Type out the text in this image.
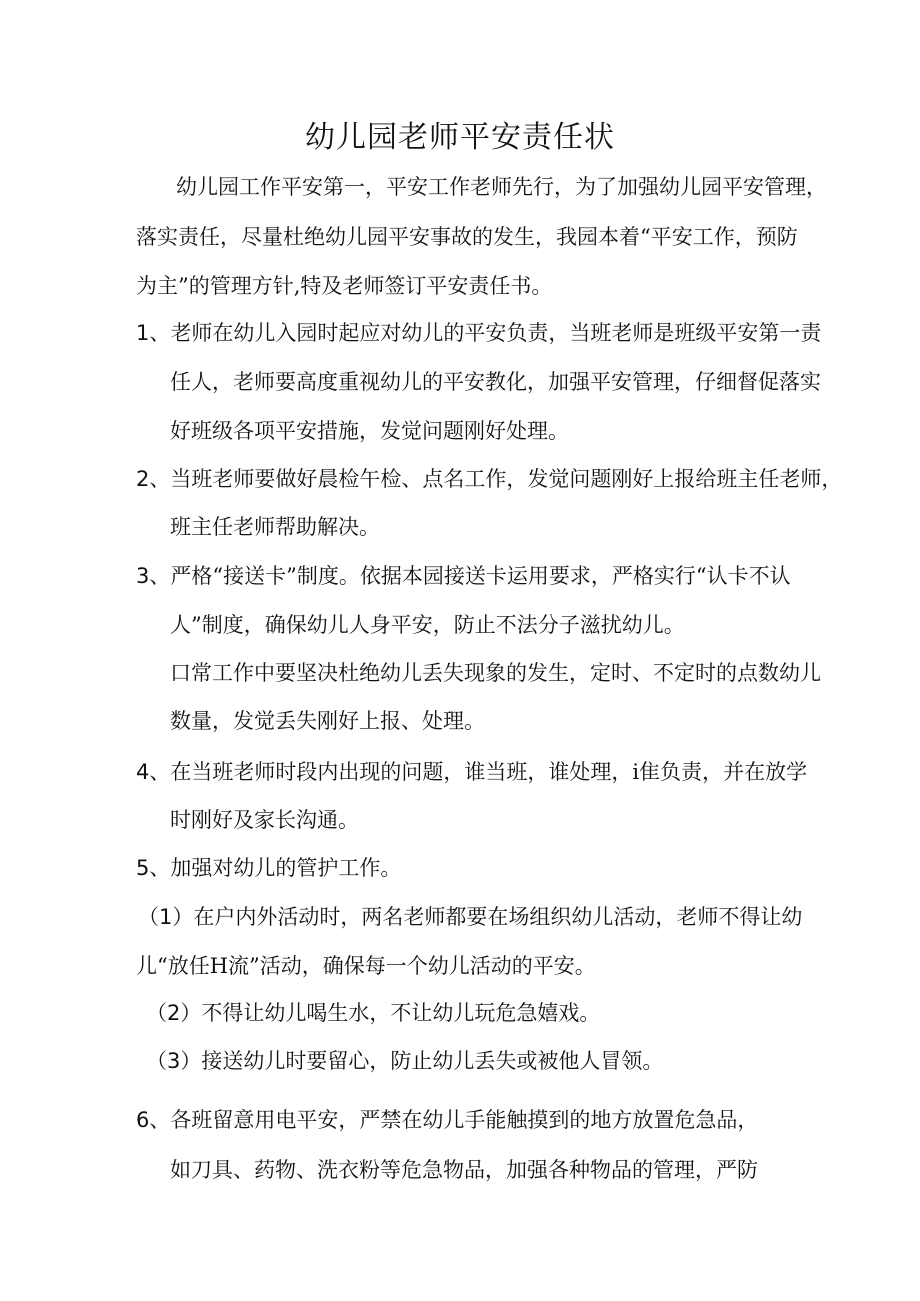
幼儿园老师平安责任状

幼儿园工作平安第一，平安工作老师先行，为了加强幼儿园平安管理，

落实责任，尽量杜绝幼儿园平安事故的发生，我园本着“平安工作，预防

为主”的管理方针,特及老师签订平安责任书。

1、老师在幼儿入园时起应对幼儿的平安负责，当班老师是班级平安第一责

任人，老师要高度重视幼儿的平安教化，加强平安管理，仔细督促落实

好班级各项平安措施，发觉问题刚好处理。

2、当班老师要做好晨检午检、点名工作，发觉问题刚好上报给班主任老师，

班主任老师帮助解决。

3、严格“接送卡”制度。依据本园接送卡运用要求，严格实行“认卡不认

人”制度，确保幼儿人身平安，防止不法分子滋扰幼儿。

口常工作中要坚决杜绝幼儿丢失现象的发生，定时、不定时的点数幼儿

数量，发觉丢失刚好上报、处理。

4、在当班老师时段内出现的问题，谁当班，谁处理，i隹负责，并在放学

时刚好及家长沟通。

5、加强对幼儿的管护工作。

（1）在户内外活动时，两名老师都要在场组织幼儿活动，老师不得让幼

儿“放任H流”活动，确保每一个幼儿活动的平安。

（2）不得让幼儿喝生水，不让幼儿玩危急嬉戏。

（3）接送幼儿时要留心，防止幼儿丢失或被他人冒领。

6、各班留意用电平安，严禁在幼儿手能触摸到的地方放置危急品，

如刀具、药物、洗衣粉等危急物品，加强各种物品的管理，严防
